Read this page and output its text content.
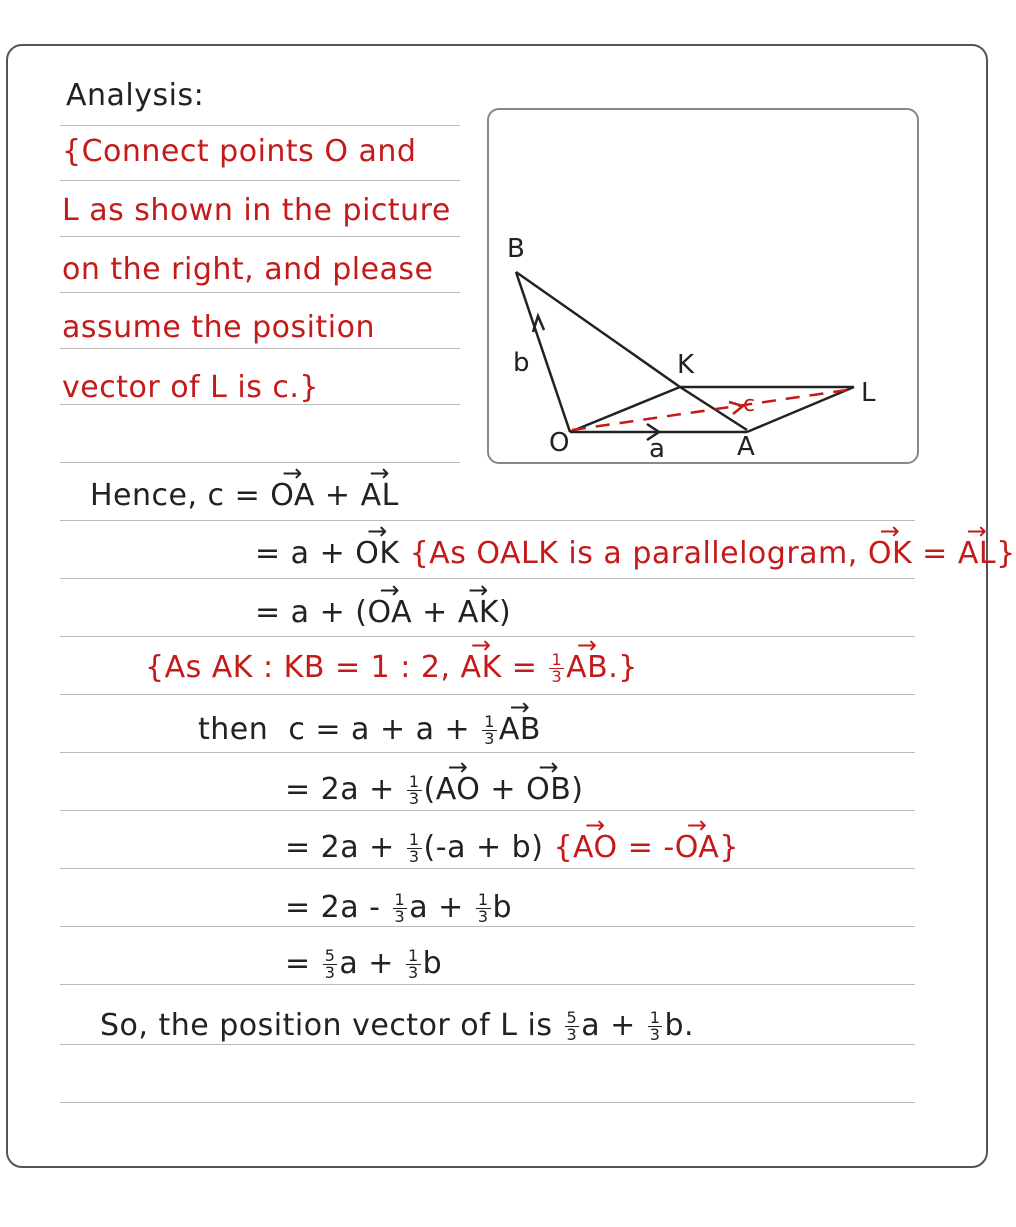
Analysis:
{Connect points O and
L as shown in the picture
on the right, and please
assume the position
vector of L is c.}
B
b	K
L
O	a	A
c
Hence, c = → OA + → AL
= a + → OK {As OALK is a parallelogram, → OK = → AL}
= a + (→ OA + → AK)
{As AK : KB = 1 : 2, → AK = $\frac{1}{3} \to AB$.}
then  $c = a + a + \frac{1}{3}$ → AB
= $2a + \frac{1}{3}$ (→ AO + → OB)
= $2a + \frac{1}{3} (-a + b)$ {→ AO = -→ OA}
= $2a - \frac{1}{3}$ $a + \frac{1}{3}$ b
= $\frac{5}{3}$ $a + \frac{1}{3}$ b
So, the position vector of L is $\frac{5}{3}$ $a + \frac{1}{3} b$.
